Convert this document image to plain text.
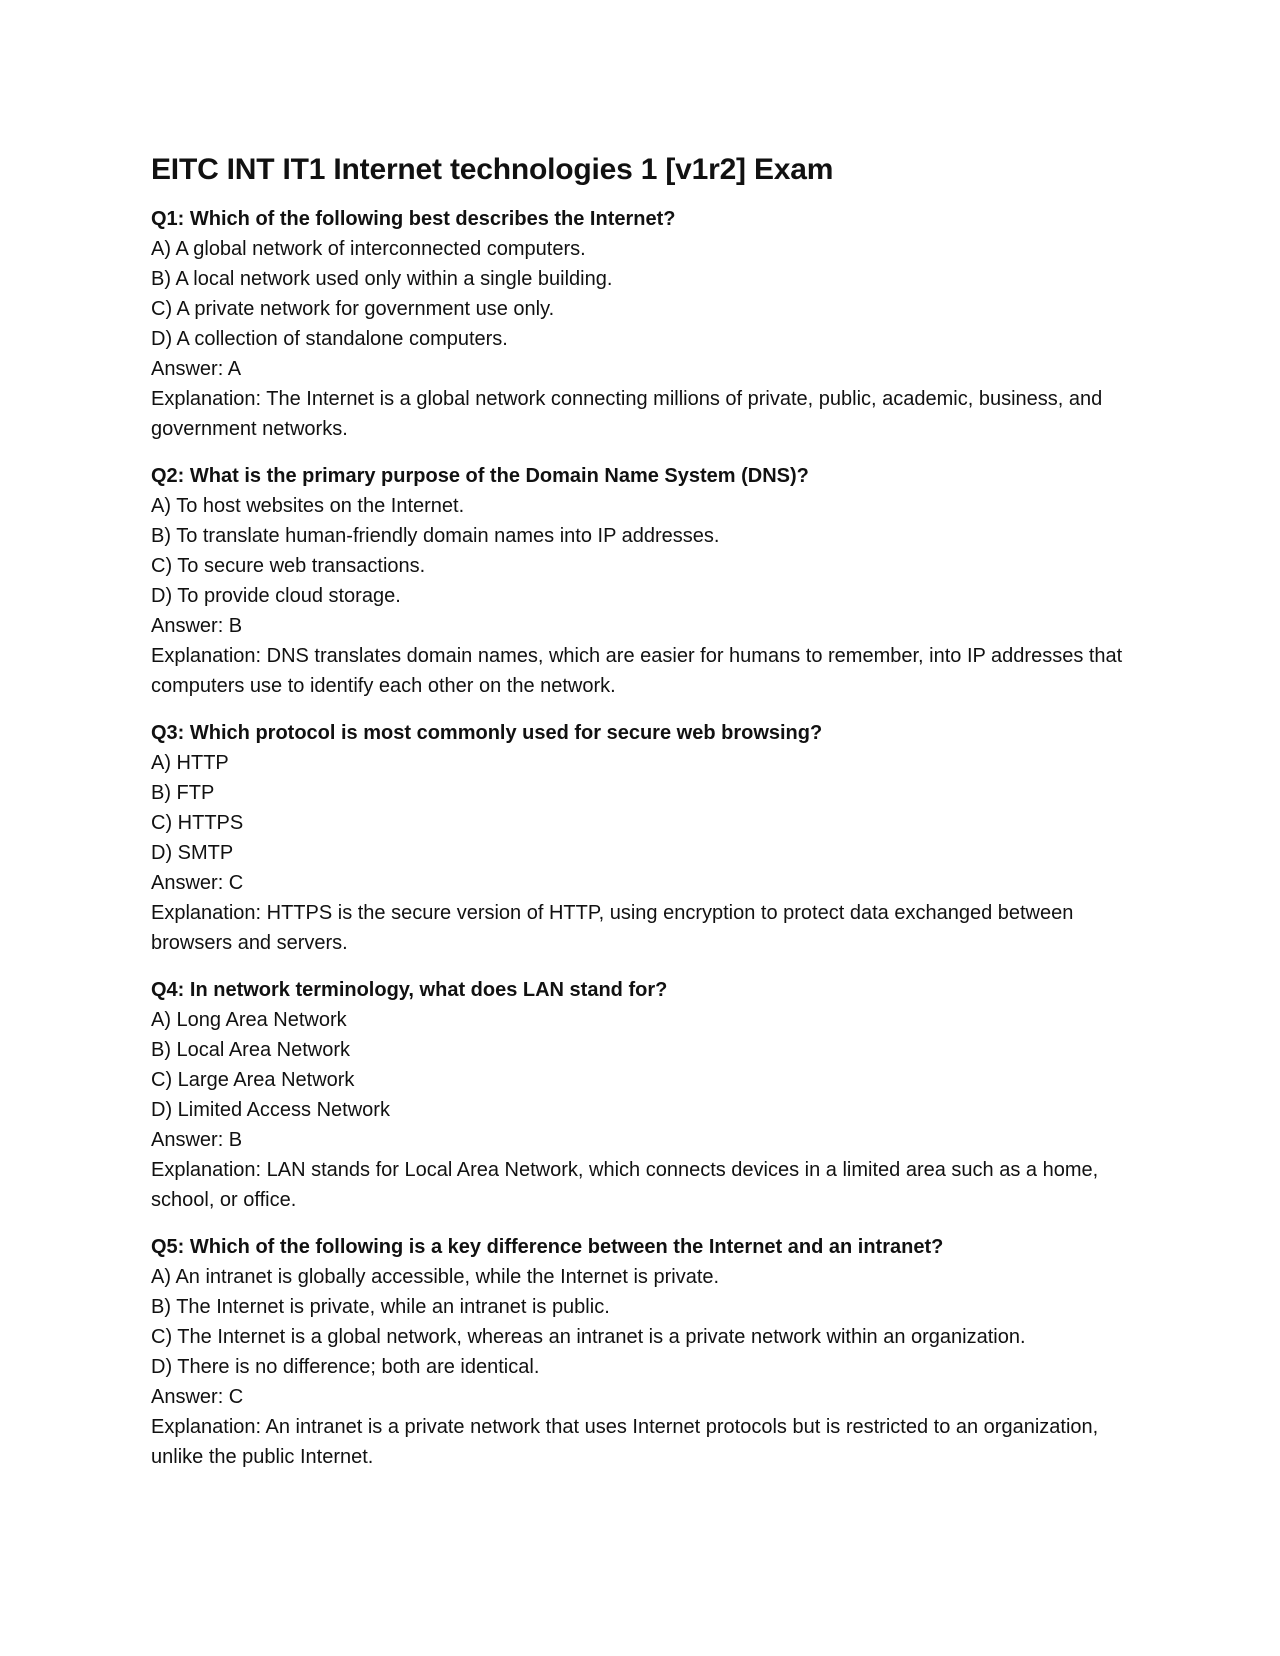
EITC INT IT1 Internet technologies 1 [v1r2] Exam
Q1: Which of the following best describes the Internet?
A) A global network of interconnected computers.
B) A local network used only within a single building.
C) A private network for government use only.
D) A collection of standalone computers.
Answer: A
Explanation: The Internet is a global network connecting millions of private, public, academic, business, and government networks.
Q2: What is the primary purpose of the Domain Name System (DNS)?
A) To host websites on the Internet.
B) To translate human-friendly domain names into IP addresses.
C) To secure web transactions.
D) To provide cloud storage.
Answer: B
Explanation: DNS translates domain names, which are easier for humans to remember, into IP addresses that computers use to identify each other on the network.
Q3: Which protocol is most commonly used for secure web browsing?
A) HTTP
B) FTP
C) HTTPS
D) SMTP
Answer: C
Explanation: HTTPS is the secure version of HTTP, using encryption to protect data exchanged between browsers and servers.
Q4: In network terminology, what does LAN stand for?
A) Long Area Network
B) Local Area Network
C) Large Area Network
D) Limited Access Network
Answer: B
Explanation: LAN stands for Local Area Network, which connects devices in a limited area such as a home, school, or office.
Q5: Which of the following is a key difference between the Internet and an intranet?
A) An intranet is globally accessible, while the Internet is private.
B) The Internet is private, while an intranet is public.
C) The Internet is a global network, whereas an intranet is a private network within an organization.
D) There is no difference; both are identical.
Answer: C
Explanation: An intranet is a private network that uses Internet protocols but is restricted to an organization, unlike the public Internet.
